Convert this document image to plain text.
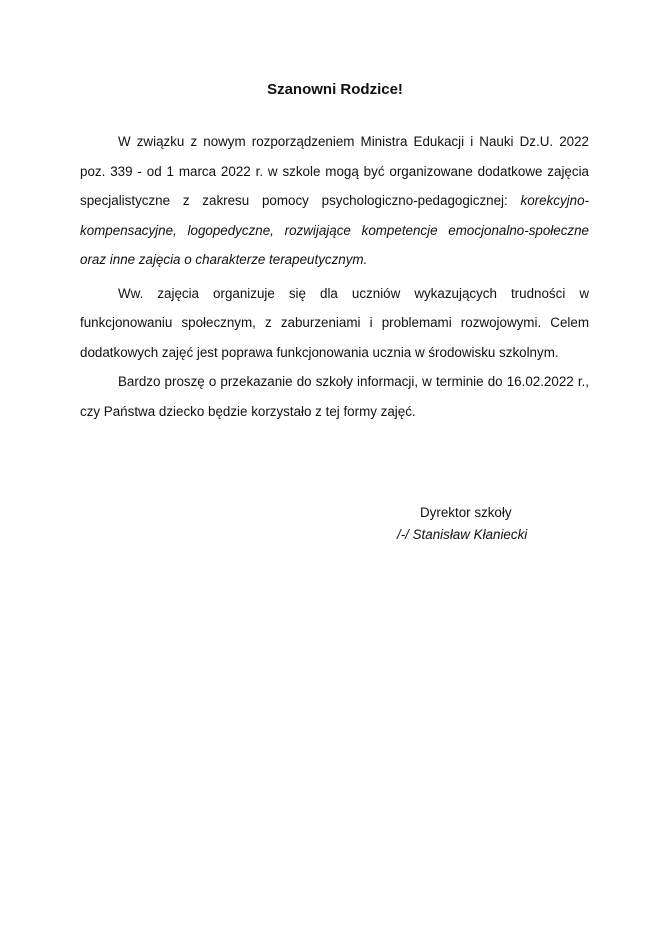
Szanowni Rodzice!

W związku z nowym rozporządzeniem Ministra Edukacji i Nauki Dz.U. 2022 poz. 339 - od 1 marca 2022 r. w szkole mogą być organizowane dodatkowe zajęcia specjalistyczne z zakresu pomocy psychologiczno-pedagogicznej: korekcyjno-kompensacyjne, logopedyczne, rozwijające kompetencje emocjonalno-społeczne oraz inne zajęcia o charakterze terapeutycznym.

Ww. zajęcia organizuje się dla uczniów wykazujących trudności w funkcjonowaniu społecznym, z zaburzeniami i problemami rozwojowymi. Celem dodatkowych zajęć jest poprawa funkcjonowania ucznia w środowisku szkolnym.

Bardzo proszę o przekazanie do szkoły informacji, w terminie do 16.02.2022 r., czy Państwa dziecko będzie korzystało z tej formy zajęć.

Dyrektor szkoły
/-/ Stanisław Kłaniecki
